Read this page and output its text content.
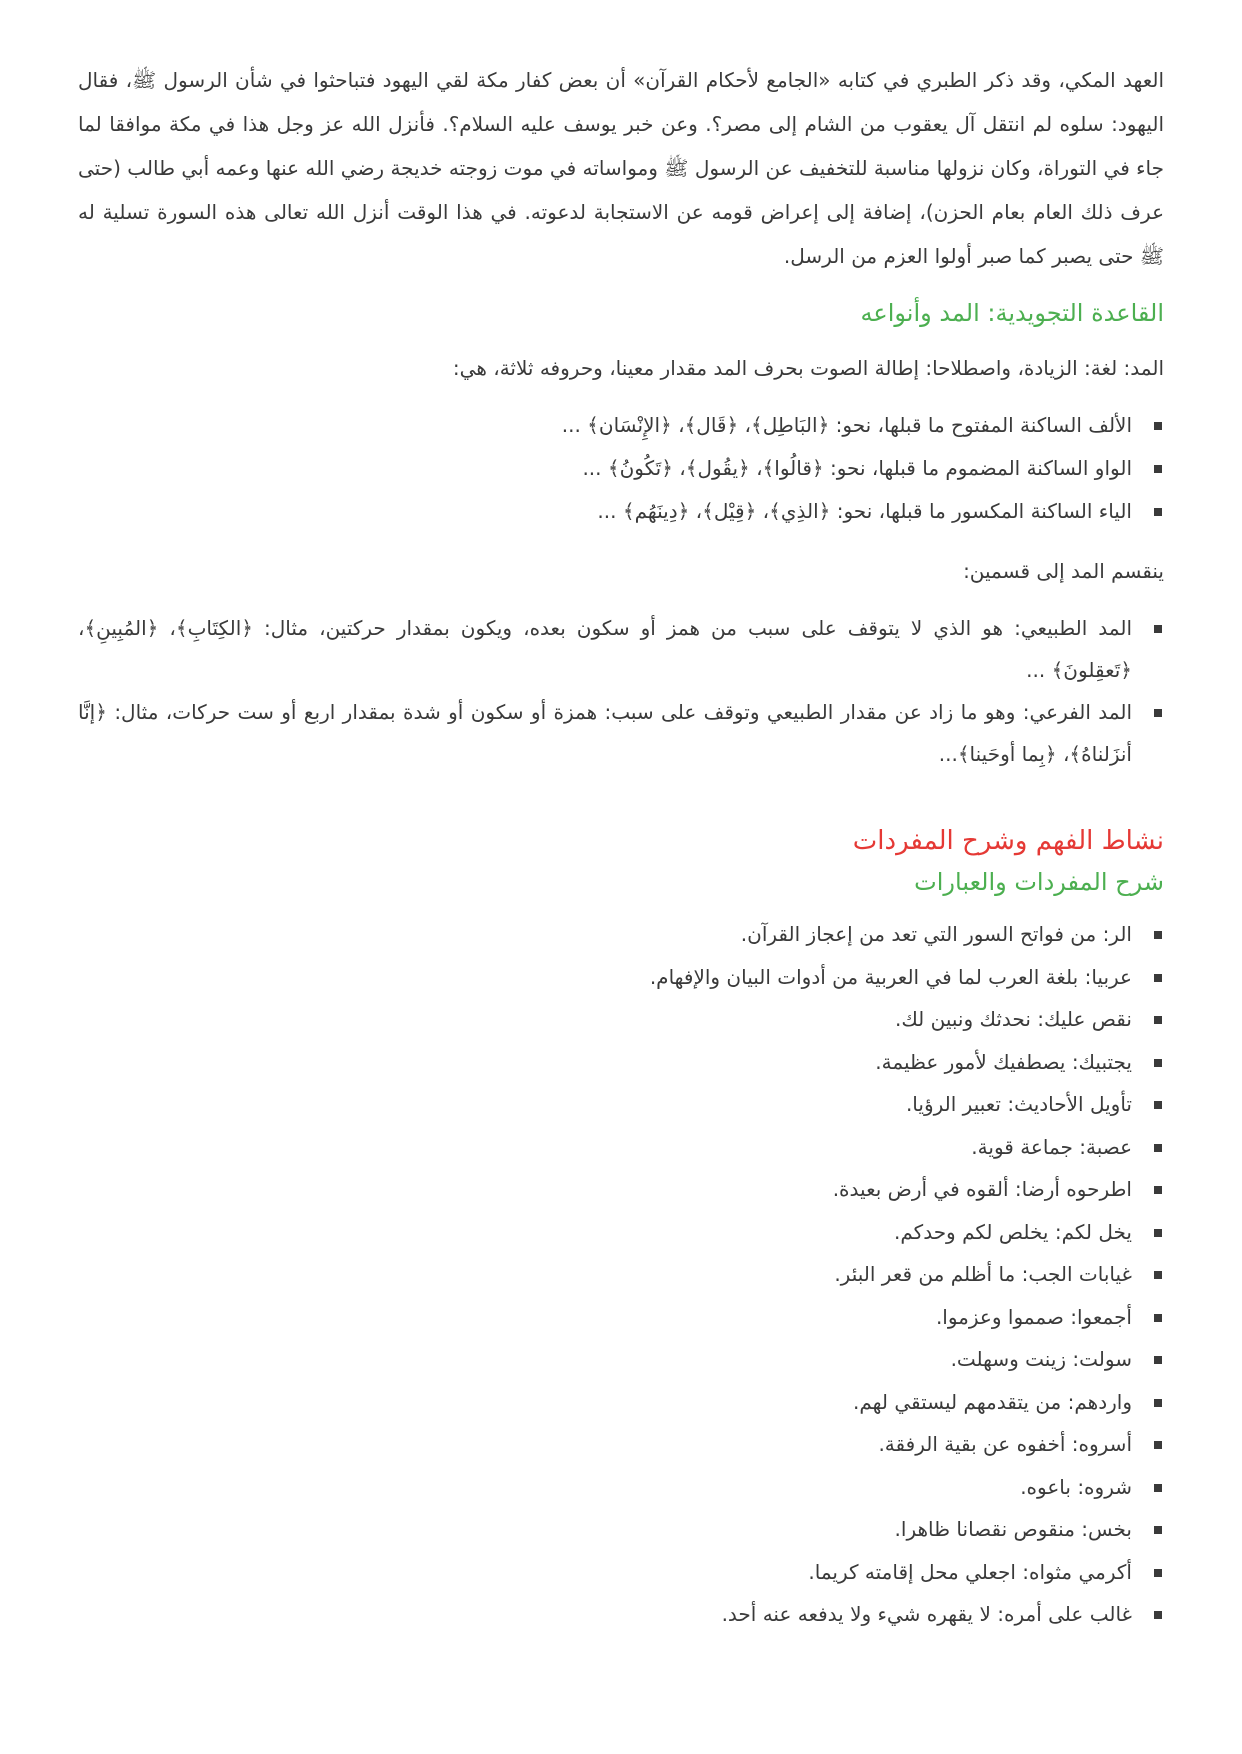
العهد المكي، وقد ذكر الطبري في كتابه «الجامع لأحكام القرآن» أن بعض كفار مكة لقي اليهود فتباحثوا في شأن الرسول ﷺ، فقال اليهود: سلوه لم انتقل آل يعقوب من الشام إلى مصر؟. وعن خبر يوسف عليه السلام؟. فأنزل الله عز وجل هذا في مكة موافقا لما جاء في التوراة، وكان نزولها مناسبة للتخفيف عن الرسول ﷺ ومواساته في موت زوجته خديجة رضي الله عنها وعمه أبي طالب (حتى عرف ذلك العام بعام الحزن)، إضافة إلى إعراض قومه عن الاستجابة لدعوته. في هذا الوقت أنزل الله تعالى هذه السورة تسلية له ﷺ حتى يصبر كما صبر أولوا العزم من الرسل.

القاعدة التجويدية: المد وأنواعه

المد: لغة: الزيادة، واصطلاحا: إطالة الصوت بحرف المد مقدار معينا، وحروفه ثلاثة، هي:

الألف الساكنة المفتوح ما قبلها، نحو: ﴿البَاطِل﴾، ﴿قَال﴾، ﴿الإِنْسَان﴾ ...
الواو الساكنة المضموم ما قبلها، نحو: ﴿قالُوا﴾، ﴿يقُول﴾، ﴿تَكُونُ﴾ ...
الياء الساكنة المكسور ما قبلها، نحو: ﴿الذِي﴾، ﴿قِيْل﴾، ﴿دِينَهُم﴾ ...

ينقسم المد إلى قسمين:

المد الطبيعي: هو الذي لا يتوقف على سبب من همز أو سكون بعده، ويكون بمقدار حركتين، مثال: ﴿الكِتَابِ﴾، ﴿المُبِينِ﴾، ﴿تَعقِلونَ﴾ ...
المد الفرعي: وهو ما زاد عن مقدار الطبيعي وتوقف على سبب: همزة أو سكون أو شدة بمقدار اربع أو ست حركات، مثال: ﴿إنَّا أنزَلناهُ﴾، ﴿بِما أوحَينا﴾...
نشاط الفهم وشرح المفردات
شرح المفردات والعبارات
الر: من فواتح السور التي تعد من إعجاز القرآن.
عربيا: بلغة العرب لما في العربية من أدوات البيان والإفهام.
نقص عليك: نحدثك ونبين لك.
يجتبيك: يصطفيك لأمور عظيمة.
تأويل الأحاديث: تعبير الرؤيا.
عصبة: جماعة قوية.
اطرحوه أرضا: ألقوه في أرض بعيدة.
يخل لكم: يخلص لكم وحدكم.
غيابات الجب: ما أظلم من قعر البئر.
أجمعوا: صمموا وعزموا.
سولت: زينت وسهلت.
واردهم: من يتقدمهم ليستقي لهم.
أسروه: أخفوه عن بقية الرفقة.
شروه: باعوه.
بخس: منقوص نقصانا ظاهرا.
أكرمي مثواه: اجعلي محل إقامته كريما.
غالب على أمره: لا يقهره شيء ولا يدفعه عنه أحد.
